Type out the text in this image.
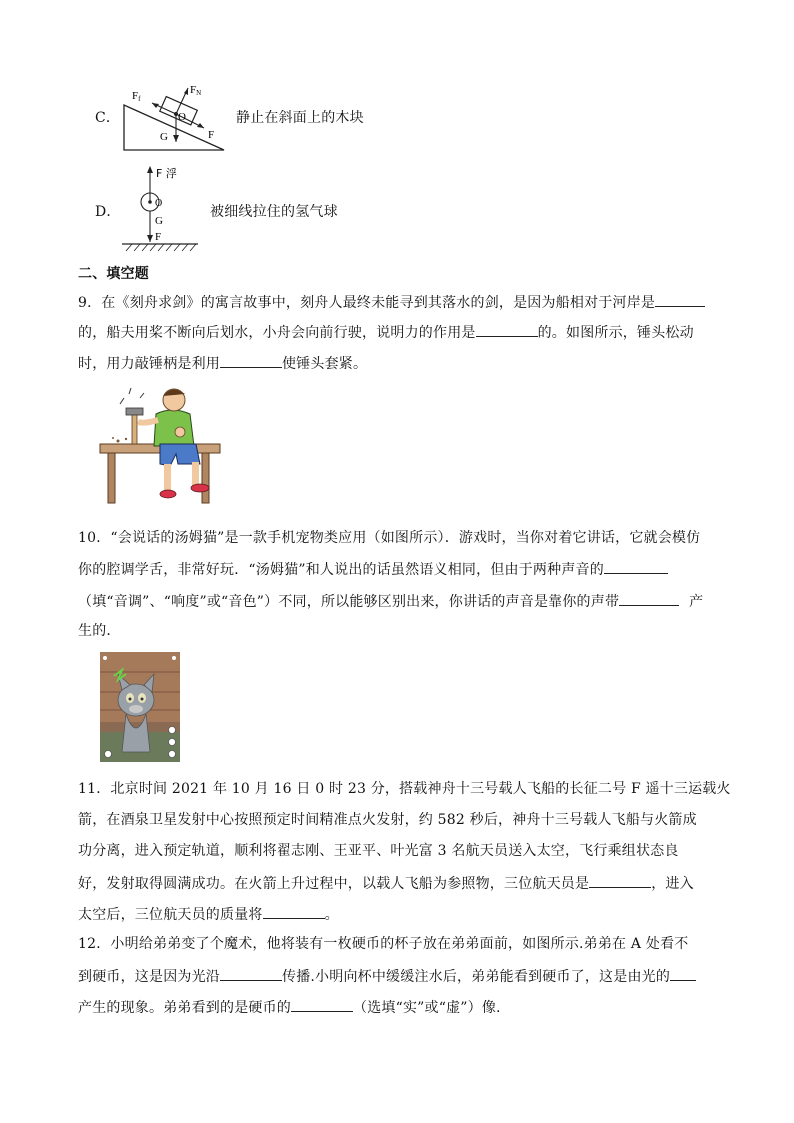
C．
Ff
FN
O
G	F
静止在斜面上的木块
D．
F 浮
O
G
F
被细线拉住的氢气球
二、填空题
9．在《刻舟求剑》的寓言故事中，刻舟人最终未能寻到其落水的剑，是因为船相对于河岸是
的，船夫用桨不断向后划水，小舟会向前行驶，说明力的作用是	的。如图所示，锤头松动
时，用力敲锤柄是利用	使锤头套紧。
10．“会说话的汤姆猫”是一款手机宠物类应用（如图所示）．游戏时，当你对着它讲话，它就会模仿
你的腔调学舌，非常好玩．“汤姆猫”和人说出的话虽然语义相同，但由于两种声音的
（填“音调”、“响度”或“音色”）不同，所以能够区别出来，你讲话的声音是靠你的声带	产
生的．
11．北京时间 2021 年 10 月 16 日 0 时 23 分，搭载神舟十三号载人飞船的长征二号 F 遥十三运载火
箭，在酒泉卫星发射中心按照预定时间精准点火发射，约 582 秒后，神舟十三号载人飞船与火箭成
功分离，进入预定轨道，顺利将翟志刚、王亚平、叶光富 3 名航天员送入太空，飞行乘组状态良
好，发射取得圆满成功。在火箭上升过程中，以载人飞船为参照物，三位航天员是	，进入
太空后，三位航天员的质量将	。
12．小明给弟弟变了个魔术，他将装有一枚硬币的杯子放在弟弟面前，如图所示.弟弟在 A 处看不
到硬币，这是因为光沿	传播.小明向杯中缓缓注水后，弟弟能看到硬币了，这是由光的
产生的现象。弟弟看到的是硬币的	（选填“实”或“虚”）像.
